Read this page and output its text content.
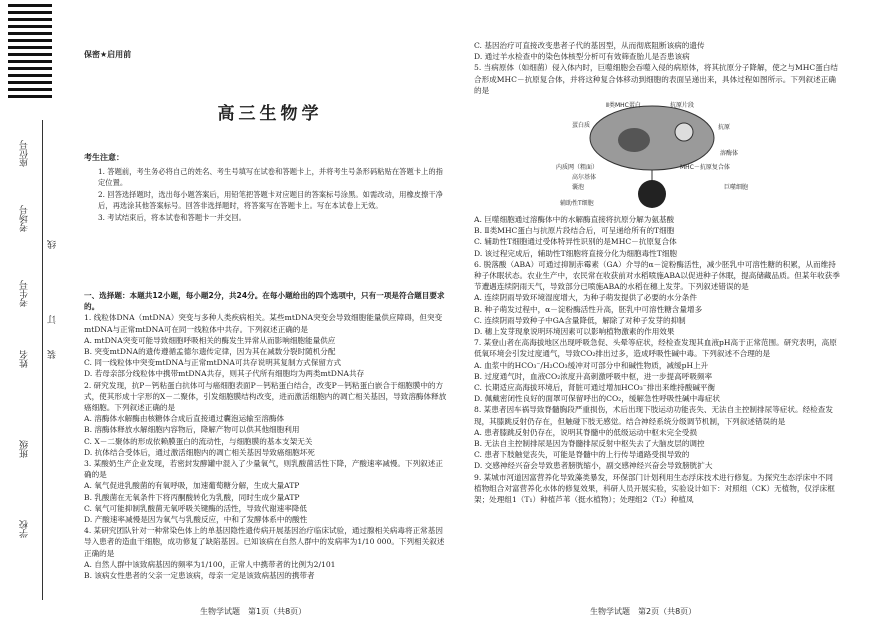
座位号
考场号
考生号
姓名
班级
学校
线
订
装
保密★启用前
高三生物学
考生注意：

1. 答题前，考生务必将自己的姓名、考生号填写在试卷和答题卡上，并将考生号条形码粘贴在答题卡上的指定位置。

2. 回答选择题时，选出每小题答案后，用铅笔把答题卡对应题目的答案标号涂黑。如需改动，用橡皮擦干净后，再选涂其他答案标号。回答非选择题时，将答案写在答题卡上。写在本试卷上无效。

3. 考试结束后，将本试卷和答题卡一并交回。

一、选择题：本题共12小题，每小题2分，共24分。在每小题给出的四个选项中，只有一项是符合题目要求的。

1. 线粒体DNA（mtDNA）突变与多种人类疾病相关。某些mtDNA突变会导致细胞能量供应障碍，但突变mtDNA与正常mtDNA可在同一线粒体中共存。下列叙述正确的是

A. mtDNA突变可能导致细胞呼吸相关的酶发生异常从而影响细胞能量供应

B. 突变mtDNA的遗传遵循孟德尔遗传定律，因为其在减数分裂时随机分配

C. 同一线粒体中突变mtDNA与正常mtDNA可共存说明其复制方式保留方式

D. 若母亲部分线粒体中携带mtDNA共存，则其子代所有细胞均为两类mtDNA共存

2. 研究发现，抗P－钙粘蛋白抗体可与癌细胞表面P－钙粘蛋白结合，改变P－钙粘蛋白嵌合于细胞膜中的方式，使其形成十字形的X－二聚体，引发细胞膜结构改变，进而激活细胞内的凋亡相关基因，导致溶酶体释放癌细胞。下列叙述正确的是

A. 溶酶体水解酶由核糖体合成后直接通过囊泡运输至溶酶体

B. 溶酶体释放水解细胞内容物后，降解产物可以供其他细胞利用

C. X－二聚体的形成依赖膜蛋白的流动性，与细胞膜的基本支架无关

D. 抗体结合受体后，通过激活细胞内的凋亡相关基因导致癌细胞坏死

3. 某酸奶生产企业发现，若密封发酵罐中混入了少量氧气，则乳酸菌活性下降，产酸速率减慢。下列叙述正确的是

A. 氧气促进乳酸菌的有氧呼吸，加速葡萄糖分解，生成大量ATP

B. 乳酸菌在无氧条件下将丙酮酸转化为乳酸，同时生成少量ATP

C. 氧气可能抑制乳酸菌无氧呼吸关键酶的活性，导致代谢速率降低

D. 产酸速率减慢是因为氧气与乳酸反应，中和了发酵体系中的酸性

4. 某研究团队针对一种常染色体上的单基因隐性遗传病开展基因治疗临床试验，通过腺相关病毒将正常基因导入患者的造血干细胞，成功修复了缺陷基因。已知该病在自然人群中的发病率为1/10 000。下列相关叙述正确的是

A. 自然人群中该致病基因的频率为1/100，正常人中携带者的比例为2/101

B. 该病女性患者的父亲一定患该病，母亲一定是该致病基因的携带者

C. 基因治疗可直接改变患者子代的基因型，从而彻底阻断该病的遗传

D. 通过羊水检查中的染色体核型分析可有效筛查胎儿是否患该病

5. 当病原体（如细菌）侵入体内时，巨噬细胞会吞噬入侵的病原体，将其抗原分子降解，使之与MHC蛋白结合形成MHC－抗原复合体，并将这种复合体移动到细胞的表面呈递出来，具体过程如图所示。下列叙述正确的是

Ⅱ类MHC蛋白	抗原片段
蛋白质	抗原
MHC－抗原复合体
溶酶体
内质网（粗面）
高尔基体
囊泡	巨噬细胞
辅助性T细胞

A. 巨噬细胞通过溶酶体中的水解酶直接将抗原分解为氨基酸

B. Ⅱ类MHC蛋白与抗原片段结合后，可呈递给所有的T细胞

C. 辅助性T细胞通过受体特异性识别的是MHC－抗原复合体

D. 该过程完成后，辅助性T细胞将直接分化为细胞毒性T细胞

6. 脱落酸（ABA）可通过抑制赤霉素（GA）介导的α－淀粉酶活性，减少胚乳中可溶性糖的积累，从而维持种子休眠状态。农业生产中，农民常在收获前对水稻喷施ABA以促进种子休眠，提高储藏品质。但某年收获季节遭遇连续阴雨天气，导致部分已喷施ABA的水稻在穗上发芽。下列叙述错误的是

A. 连续阴雨导致环境湿度增大，为种子萌发提供了必要的水分条件

B. 种子萌发过程中，α－淀粉酶活性升高，胚乳中可溶性糖含量增多

C. 连续阴雨导致种子中GA含量降低，解除了对种子发芽的抑制

D. 穗上发芽现象说明环境因素可以影响植物激素的作用效果

7. 某登山者在高海拔地区出现呼吸急促、头晕等症状，经检查发现其血液pH高于正常范围。研究表明，高原低氧环境会引发过度通气，导致CO₂排出过多，造成呼吸性碱中毒。下列叙述不合理的是

A. 血浆中的HCO₃⁻/H₂CO₃缓冲对可部分中和碱性物质，减缓pH上升

B. 过度通气时，血液CO₂浓度升高刺激呼吸中枢，进一步提高呼吸频率

C. 长期适应高海拔环境后，肾脏可通过增加HCO₃⁻排出来维持酸碱平衡

D. 佩戴密闭性良好的面罩可保留呼出的CO₂，缓解急性呼吸性碱中毒症状

8. 某患者因车祸导致脊髓胸段严重损伤，术后出现下肢运动功能丧失、无法自主控制排尿等症状。经检查发现，其膝跳反射仍存在，但触碰下肢无感觉。结合神经系统分级调节机制，下列叙述错误的是

A. 患者膝跳反射仍存在，说明其脊髓中的低级运动中枢未完全受损

B. 无法自主控制排尿是因为脊髓排尿反射中枢失去了大脑皮层的调控

C. 患者下肢触觉丧失，可能是脊髓中的上行传导通路受损导致的

D. 交感神经兴奋会导致患者膀胱缩小，副交感神经兴奋会导致膀胱扩大

9. 某城市河道因富营养化导致藻类暴发，环保部门计划利用生态浮床技术进行修复。为探究生态浮床中不同植物组合对富营养化水体的修复效果，科研人员开展实验，实验设计如下：对照组（CK）无植物，仅浮床框架；处理组1（T₁）种植芦苇（挺水植物）；处理组2（T₂）种植凤

生物学试题　第1页（共8页）	生物学试题　第2页（共8页）
